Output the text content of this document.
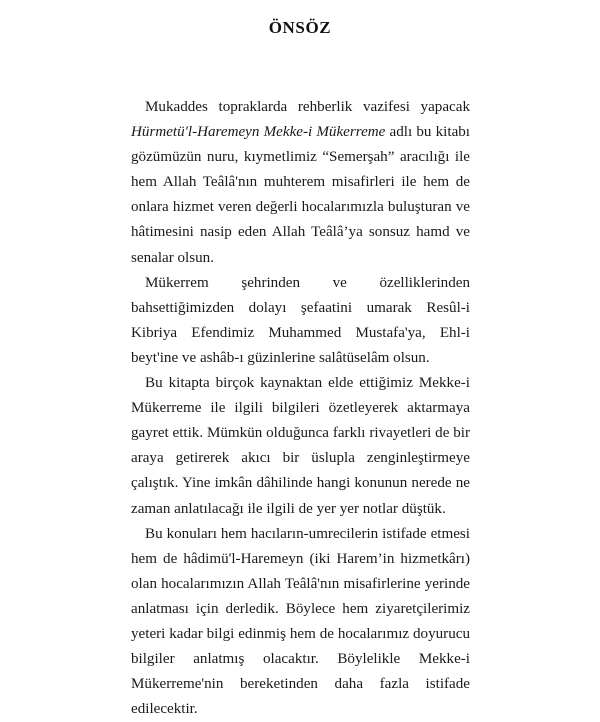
ÖNSÖZ

Mukaddes topraklarda rehberlik vazifesi yapacak Hürmetü'l-Haremeyn Mekke-i Mükerreme adlı bu kitabı gözümüzün nuru, kıymetlimiz “Semerşah” aracılığı ile hem Allah Teâlâ'nın muhterem misafirleri ile hem de onlara hizmet veren değerli hocalarımızla buluşturan ve hâtimesini nasip eden Allah Teâlâ’ya sonsuz hamd ve senalar olsun.

Mükerrem şehrinden ve özelliklerinden bahsettiğimizden dolayı şefaatini umarak Resûl-i Kibriya Efendimiz Muhammed Mustafa'ya, Ehl-i beyt'ine ve ashâb-ı güzinlerine salâtüselâm olsun.

Bu kitapta birçok kaynaktan elde ettiğimiz Mekke-i Mükerreme ile ilgili bilgileri özetleyerek aktarmaya gayret ettik. Mümkün olduğunca farklı rivayetleri de bir araya getirerek akıcı bir üslupla zenginleştirmeye çalıştık. Yine imkân dâhilinde hangi konunun nerede ne zaman anlatılacağı ile ilgili de yer yer notlar düştük.

Bu konuları hem hacıların-umrecilerin istifade etmesi hem de hâdimü'l-Haremeyn (iki Harem’in hizmetkârı) olan hocalarımızın Allah Teâlâ'nın misafirlerine yerinde anlatması için derledik. Böylece hem ziyaretçilerimiz yeteri kadar bilgi edinmiş hem de hocalarımız doyurucu bilgiler anlatmış olacaktır. Böylelikle Mekke-i Mükerreme'nin bereketinden daha fazla istifade edilecektir.
